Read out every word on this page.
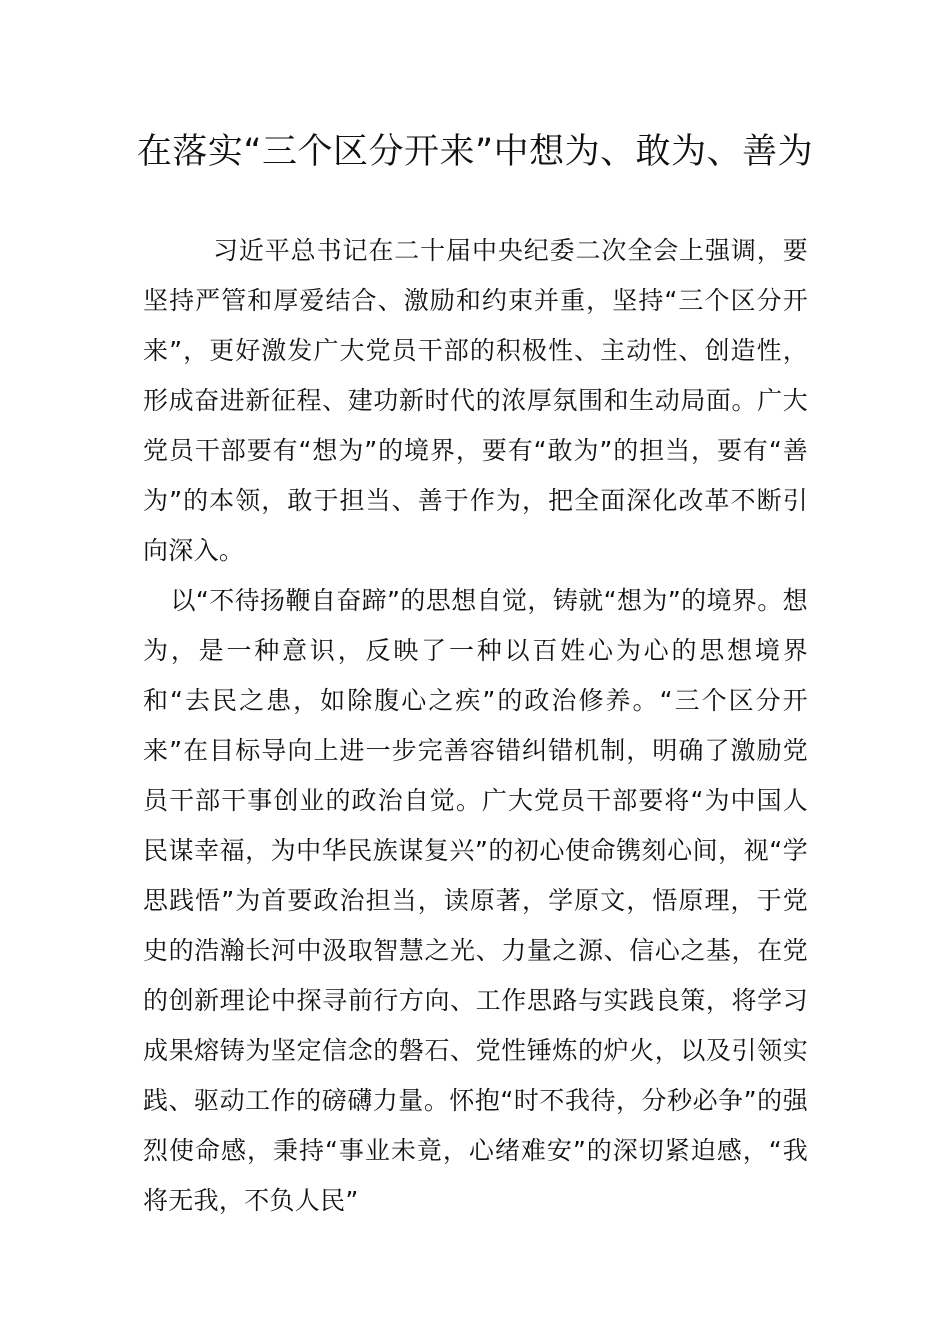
在落实“三个区分开来”中想为、敢为、善为

习近平总书记在二十届中央纪委二次全会上强调，要坚持严管和厚爱结合、激励和约束并重，坚持“三个区分开来”，更好激发广大党员干部的积极性、主动性、创造性，形成奋进新征程、建功新时代的浓厚氛围和生动局面。广大党员干部要有“想为”的境界，要有“敢为”的担当，要有“善为”的本领，敢于担当、善于作为，把全面深化改革不断引向深入。

以“不待扬鞭自奋蹄”的思想自觉，铸就“想为”的境界。想为，是一种意识，反映了一种以百姓心为心的思想境界和“去民之患，如除腹心之疾”的政治修养。“三个区分开来”在目标导向上进一步完善容错纠错机制，明确了激励党员干部干事创业的政治自觉。广大党员干部要将“为中国人民谋幸福，为中华民族谋复兴”的初心使命镌刻心间，视“学思践悟”为首要政治担当，读原著，学原文，悟原理，于党史的浩瀚长河中汲取智慧之光、力量之源、信心之基，在党的创新理论中探寻前行方向、工作思路与实践良策，将学习成果熔铸为坚定信念的磐石、党性锤炼的炉火，以及引领实践、驱动工作的磅礴力量。怀抱“时不我待，分秒必争”的强烈使命感，秉持“事业未竟，心绪难安”的深切紧迫感，“我将无我，不负人民”
